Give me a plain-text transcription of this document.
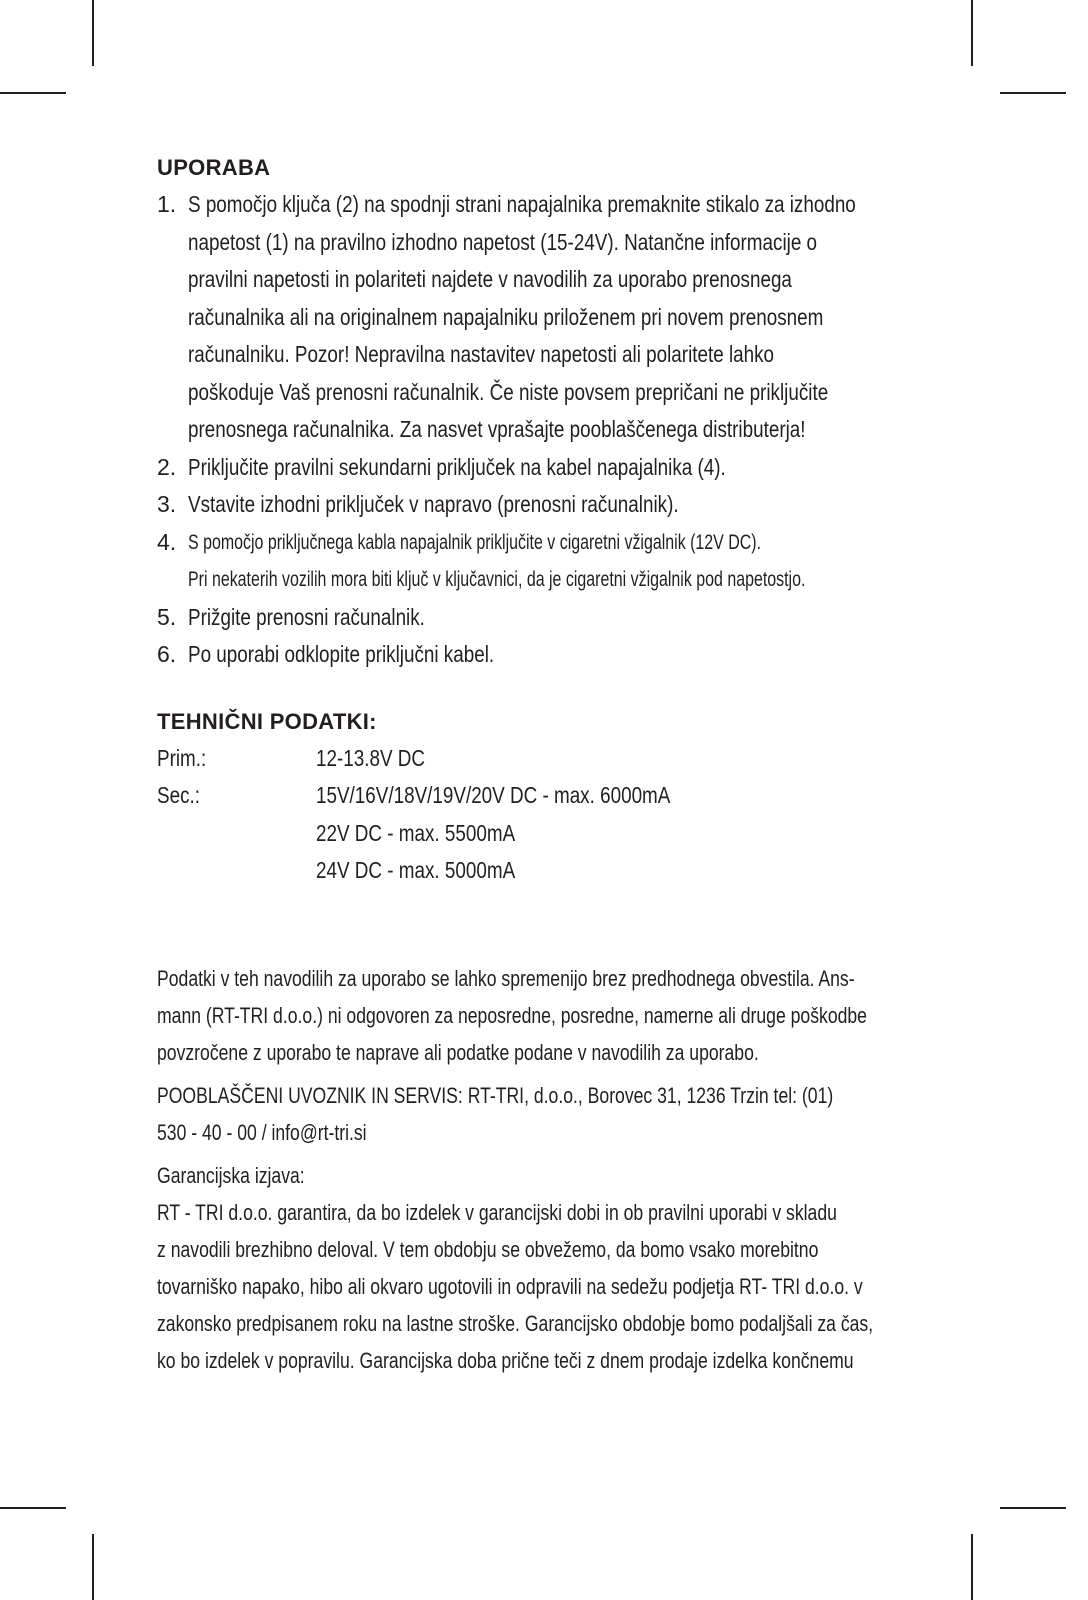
UPORABA
1. S pomočjo ključa (2) na spodnji strani napajalnika premaknite stikalo za izhodno
napetost (1) na pravilno izhodno napetost (15-24V). Natančne informacije o
pravilni napetosti in polariteti najdete v navodilih za uporabo prenosnega
računalnika ali na originalnem napajalniku priloženem pri novem prenosnem
računalniku. Pozor! Nepravilna nastavitev napetosti ali polaritete lahko
poškoduje Vaš prenosni računalnik. Če niste povsem prepričani ne priključite
prenosnega računalnika. Za nasvet vprašajte pooblaščenega distributerja!
2. Priključite pravilni sekundarni priključek na kabel napajalnika (4).
3. Vstavite izhodni priključek v napravo (prenosni računalnik).
4. S pomočjo priključnega kabla napajalnik priključite v cigaretni vžigalnik (12V DC).
Pri nekaterih vozilih mora biti ključ v ključavnici, da je cigaretni vžigalnik pod napetostjo.
5. Prižgite prenosni računalnik.
6. Po uporabi odklopite priključni kabel.
TEHNIČNI PODATKI:
Prim.:	12-13.8V DC
Sec.:	15V/16V/18V/19V/20V DC - max. 6000mA
22V DC - max. 5500mA
24V DC - max. 5000mA
Podatki v teh navodilih za uporabo se lahko spremenijo brez predhodnega obvestila. Ans-
mann (RT-TRI d.o.o.) ni odgovoren za neposredne, posredne, namerne ali druge poškodbe
povzročene z uporabo te naprave ali podatke podane v navodilih za uporabo.
POOBLAŠČENI UVOZNIK IN SERVIS: RT-TRI, d.o.o., Borovec 31, 1236 Trzin tel: (01)
530 - 40 - 00 / info@rt-tri.si
Garancijska izjava:
RT - TRI d.o.o. garantira, da bo izdelek v garancijski dobi in ob pravilni uporabi v skladu
z navodili brezhibno deloval. V tem obdobju se obvežemo, da bomo vsako morebitno
tovarniško napako, hibo ali okvaro ugotovili in odpravili na sedežu podjetja RT- TRI d.o.o. v
zakonsko predpisanem roku na lastne stroške. Garancijsko obdobje bomo podaljšali za čas,
ko bo izdelek v popravilu. Garancijska doba prične teči z dnem prodaje izdelka končnemu
